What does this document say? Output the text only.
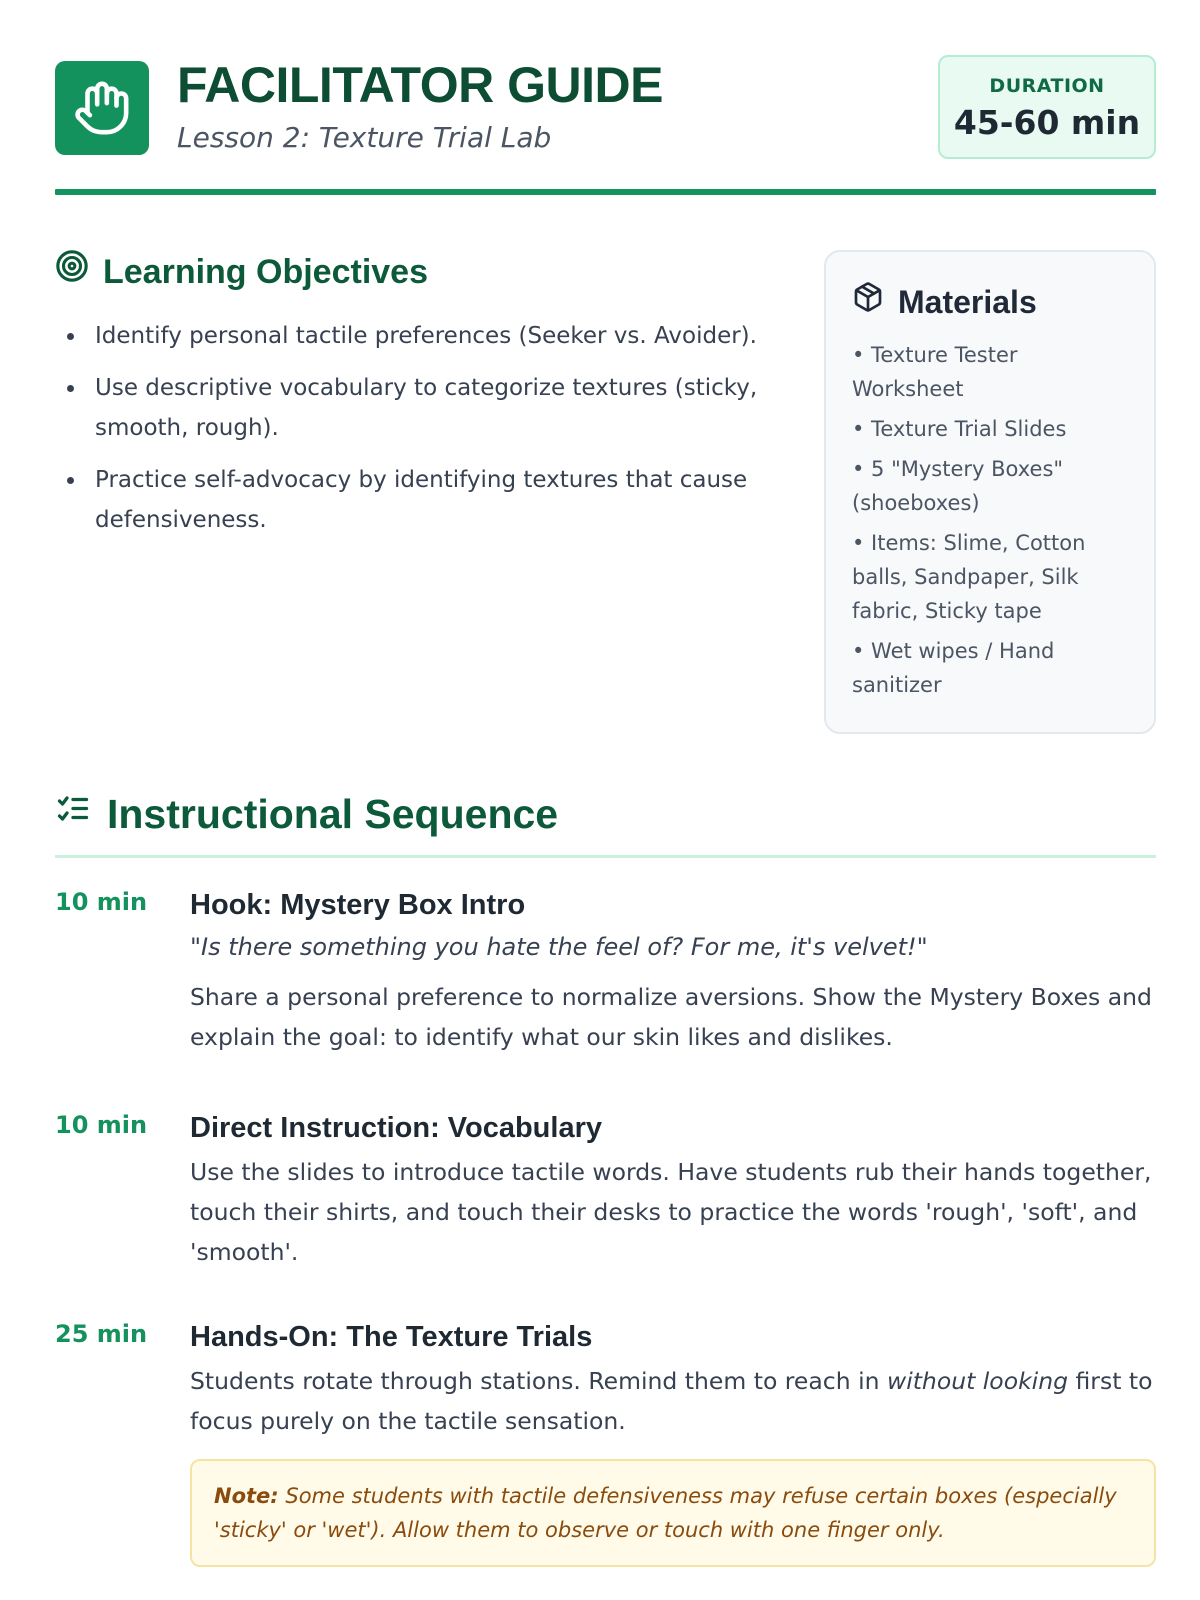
FACILITATOR GUIDE
Lesson 2: Texture Trial Lab
DURATION
45-60 min
Learning Objectives
Identify personal tactile preferences (Seeker vs. Avoider).
Use descriptive vocabulary to categorize textures (sticky, smooth, rough).
Practice self-advocacy by identifying textures that cause defensiveness.
Materials
• Texture Tester Worksheet
• Texture Trial Slides
• 5 "Mystery Boxes" (shoeboxes)
• Items: Slime, Cotton balls, Sandpaper, Silk fabric, Sticky tape
• Wet wipes / Hand sanitizer
Instructional Sequence
10 min Hook: Mystery Box Intro
"Is there something you hate the feel of? For me, it's velvet!"
Share a personal preference to normalize aversions. Show the Mystery Boxes and explain the goal: to identify what our skin likes and dislikes.
10 min Direct Instruction: Vocabulary
Use the slides to introduce tactile words. Have students rub their hands together, touch their shirts, and touch their desks to practice the words 'rough', 'soft', and 'smooth'.
25 min Hands-On: The Texture Trials
Students rotate through stations. Remind them to reach in without looking first to focus purely on the tactile sensation.
Note: Some students with tactile defensiveness may refuse certain boxes (especially 'sticky' or 'wet'). Allow them to observe or touch with one finger only.
